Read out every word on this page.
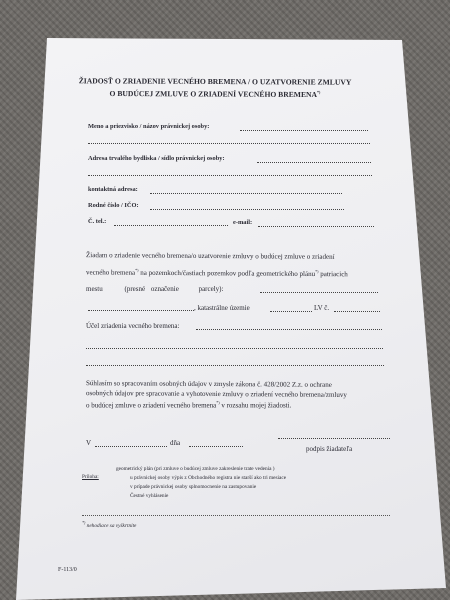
ŽIADOSŤ O ZRIADENIE VECNÉHO BREMENA / O UZATVORENIE ZMLUVY
O BUDÚCEJ ZMLUVE O ZRIADENÍ VECNÉHO BREMENA*)
Meno a priezvisko / názov právnickej osoby:
Adresa trvalého bydliska / sídlo právnickej osoby:
kontaktná adresa:
Rodné číslo / IČO:
Č. tel.:	e-mail:
Žiadam o zriadenie vecného bremena/o uzatvorenie zmluvy o budúcej zmluve o zriadení
vecného bremena*) na pozemkoch/častiach pozemkov podľa geometrického plánu*) patriacich
mestu	(presné označenie	parcely):
, katastrálne územie	LV č.
Účel zriadenia vecného bremena:
Súhlasím so spracovaním osobných údajov v zmysle zákona č. 428/2002 Z.z. o ochrane
osobných údajov pre spracovanie a vyhotovenie zmluvy o zriadení vecného bremena/zmluvy
o budúcej zmluve o zriadení vecného bremena*) v rozsahu mojej žiadosti.
V	dňa
podpis žiadateľa
Príloha:
geometrický plán (pri zmluve o budúcej zmluve zakreslenie trate vedenia )
u právnickej osoby výpis z Obchodného registra nie starší ako tri mesiace
v prípade právnickej osoby splnomocnenie na zastupovanie
Čestné vyhlásenie
*) nehodiace sa vyškrtnite
F-113/0
